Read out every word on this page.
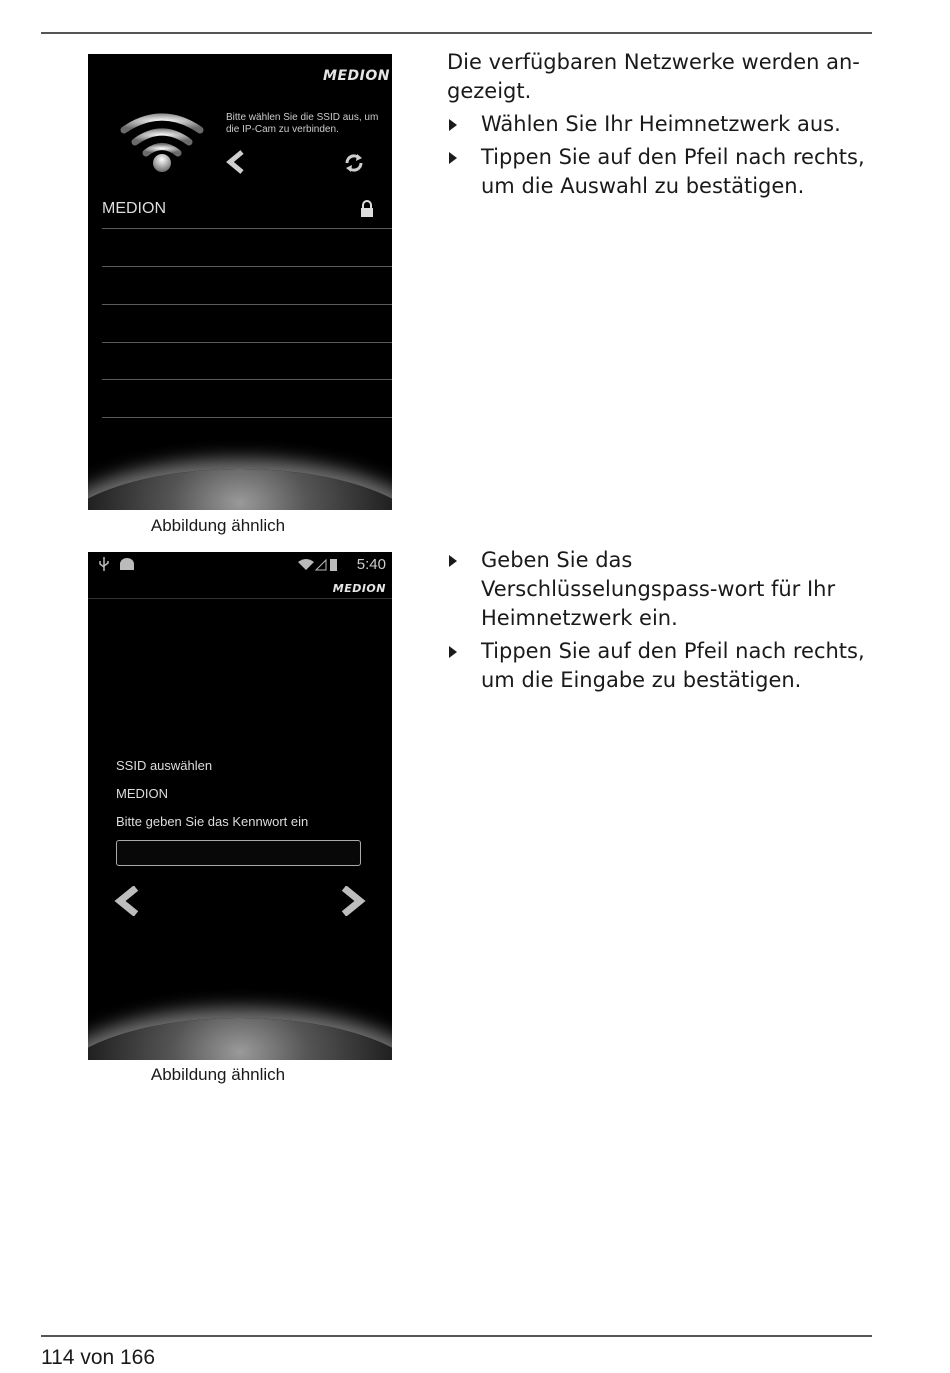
MEDION
Bitte wählen Sie die SSID aus, um die IP-Cam zu verbinden.
MEDION
Abbildung ähnlich

Die verfügbaren Netzwerke werden an-gezeigt.

Wählen Sie Ihr Heimnetzwerk aus.

Tippen Sie auf den Pfeil nach rechts, um die Auswahl zu bestätigen.

5:40
MEDION
SSID auswählen
MEDION
Bitte geben Sie das Kennwort ein
Abbildung ähnlich

Geben Sie das Verschlüsselungspass-wort für Ihr Heimnetzwerk ein.

Tippen Sie auf den Pfeil nach rechts, um die Eingabe zu bestätigen.

114 von 166
